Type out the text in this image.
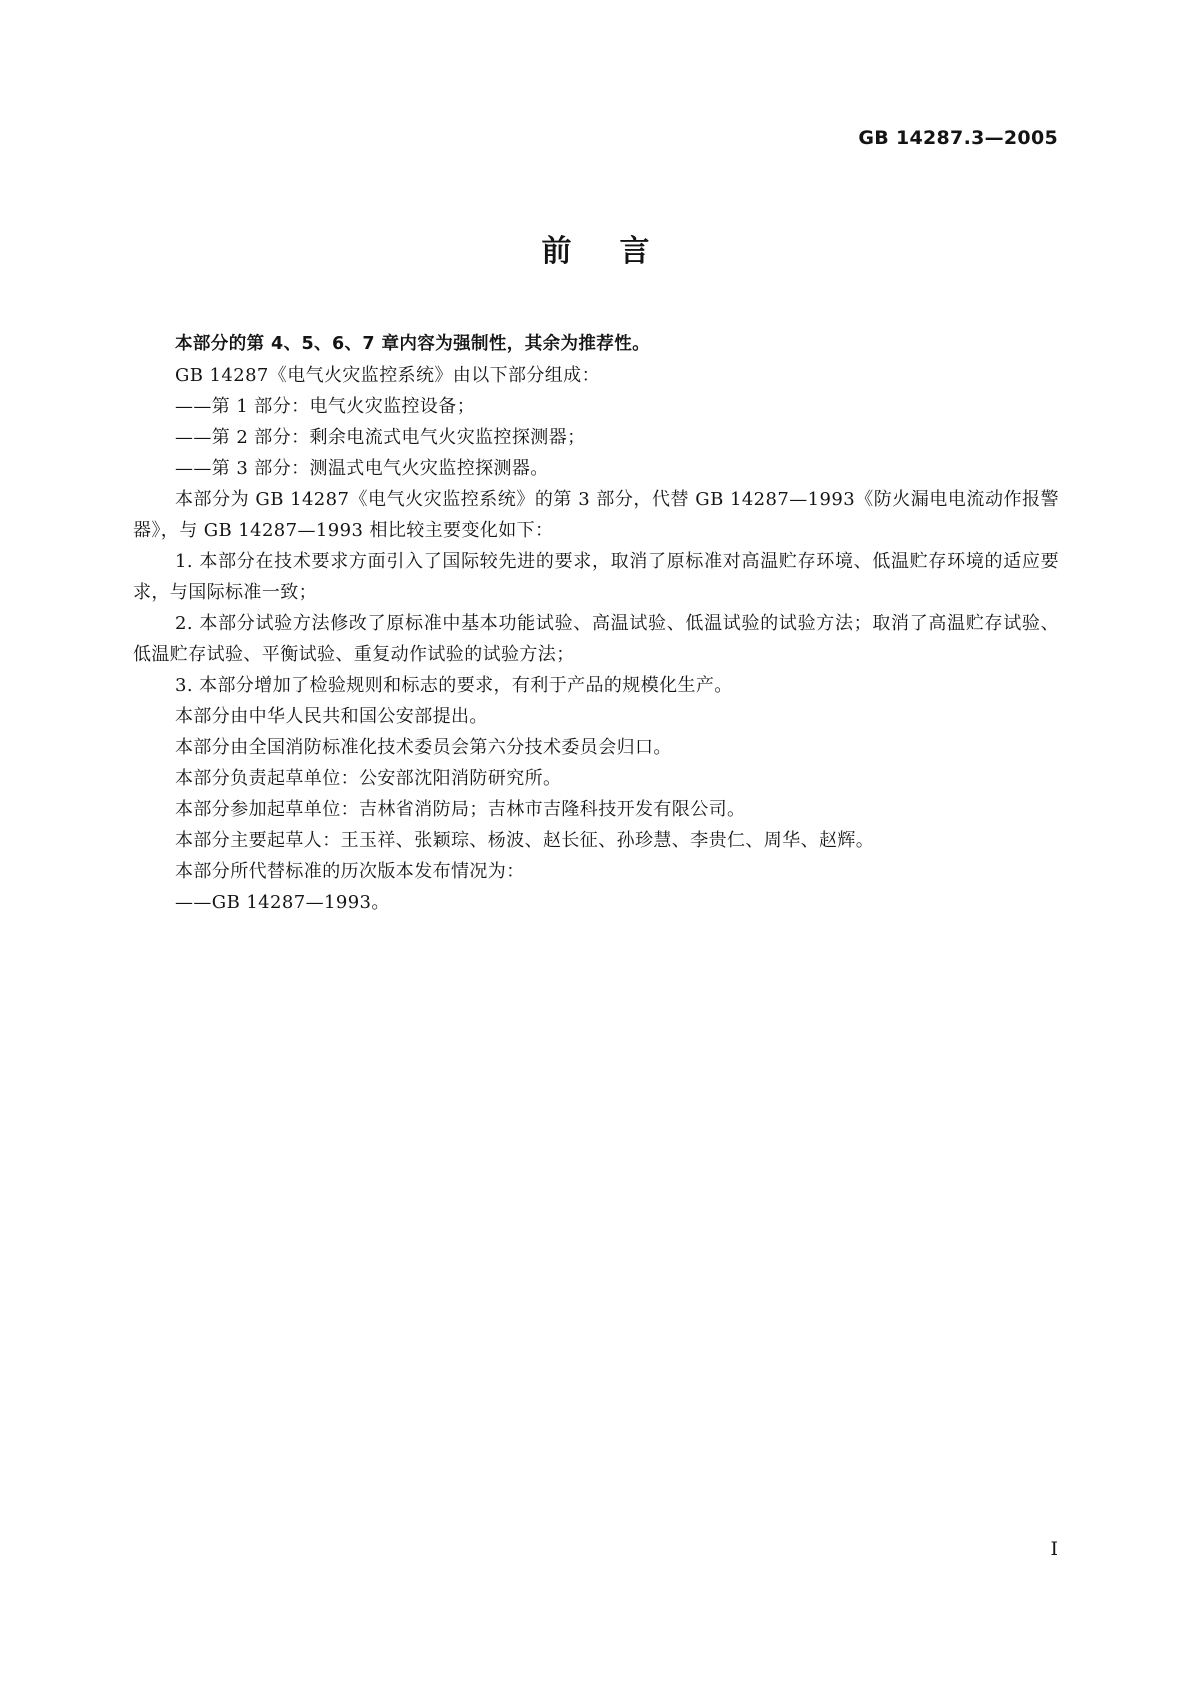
GB 14287.3—2005
前言

本部分的第 4、5、6、7 章内容为强制性，其余为推荐性。

GB 14287《电气火灾监控系统》由以下部分组成：

——第 1 部分：电气火灾监控设备；

——第 2 部分：剩余电流式电气火灾监控探测器；

——第 3 部分：测温式电气火灾监控探测器。

本部分为 GB 14287《电气火灾监控系统》的第 3 部分，代替 GB 14287—1993《防火漏电电流动作报警器》，与 GB 14287—1993 相比较主要变化如下：

1. 本部分在技术要求方面引入了国际较先进的要求，取消了原标准对高温贮存环境、低温贮存环境的适应要求，与国际标准一致；

2. 本部分试验方法修改了原标准中基本功能试验、高温试验、低温试验的试验方法；取消了高温贮存试验、低温贮存试验、平衡试验、重复动作试验的试验方法；

3. 本部分增加了检验规则和标志的要求，有利于产品的规模化生产。

本部分由中华人民共和国公安部提出。

本部分由全国消防标准化技术委员会第六分技术委员会归口。

本部分负责起草单位：公安部沈阳消防研究所。

本部分参加起草单位：吉林省消防局；吉林市吉隆科技开发有限公司。

本部分主要起草人：王玉祥、张颖琮、杨波、赵长征、孙珍慧、李贵仁、周华、赵辉。

本部分所代替标准的历次版本发布情况为：

——GB 14287—1993。

I
